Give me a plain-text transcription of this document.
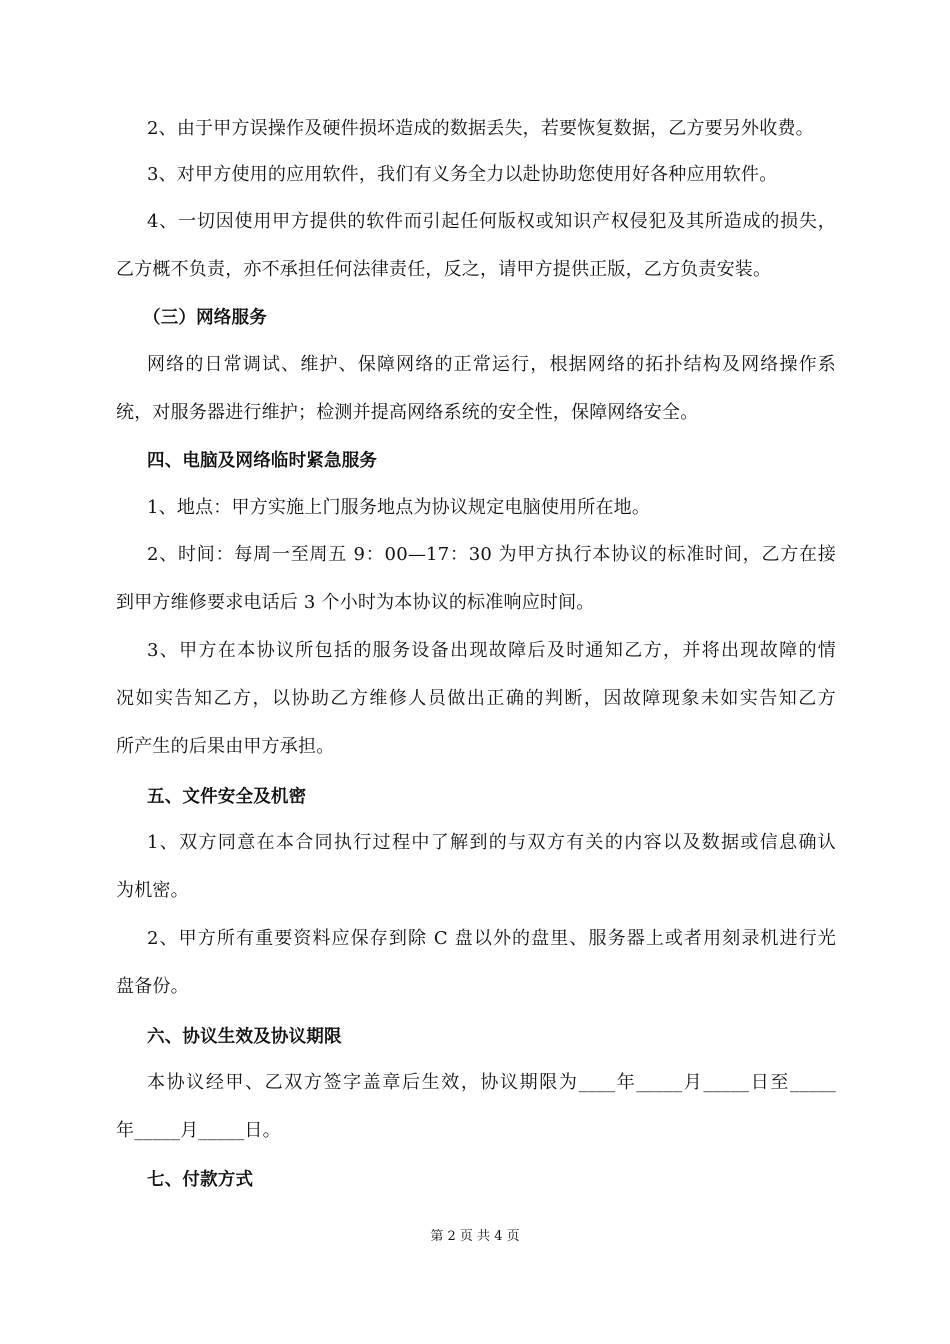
2、由于甲方误操作及硬件损坏造成的数据丢失，若要恢复数据，乙方要另外收费。
3、对甲方使用的应用软件，我们有义务全力以赴协助您使用好各种应用软件。
4、一切因使用甲方提供的软件而引起任何版权或知识产权侵犯及其所造成的损失，
乙方概不负责，亦不承担任何法律责任，反之，请甲方提供正版，乙方负责安装。
（三）网络服务
网络的日常调试、维护、保障网络的正常运行，根据网络的拓扑结构及网络操作系
统，对服务器进行维护；检测并提高网络系统的安全性，保障网络安全。
四、电脑及网络临时紧急服务
1、地点：甲方实施上门服务地点为协议规定电脑使用所在地。
2、时间：每周一至周五 9：00—17：30 为甲方执行本协议的标准时间，乙方在接
到甲方维修要求电话后 3 个小时为本协议的标准响应时间。
3、甲方在本协议所包括的服务设备出现故障后及时通知乙方，并将出现故障的情
况如实告知乙方，以协助乙方维修人员做出正确的判断，因故障现象未如实告知乙方
所产生的后果由甲方承担。
五、文件安全及机密
1、双方同意在本合同执行过程中了解到的与双方有关的内容以及数据或信息确认
为机密。
2、甲方所有重要资料应保存到除 C 盘以外的盘里、服务器上或者用刻录机进行光
盘备份。
六、协议生效及协议期限
本协议经甲、乙双方签字盖章后生效，协议期限为____年_____月_____日至_____
年_____月_____日。
七、付款方式
第 2 页 共 4 页
